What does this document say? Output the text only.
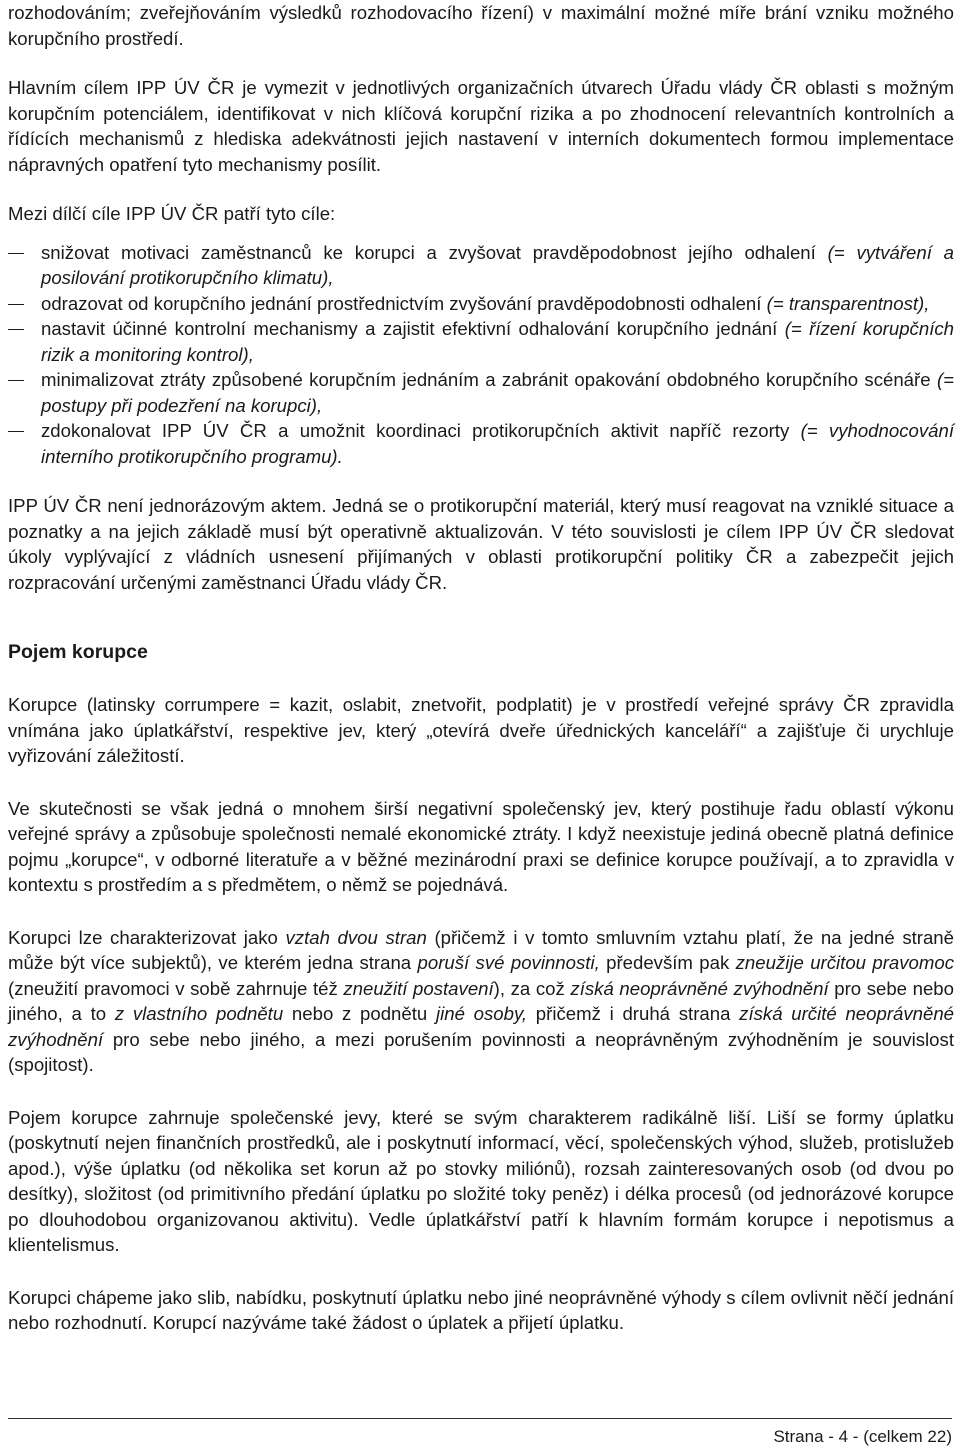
rozhodováním; zveřejňováním výsledků rozhodovacího řízení) v maximální možné míře brání vzniku možného korupčního prostředí.

Hlavním cílem IPP ÚV ČR je vymezit v jednotlivých organizačních útvarech Úřadu vlády ČR oblasti s možným korupčním potenciálem, identifikovat v nich klíčová korupční rizika a po zhodnocení relevantních kontrolních a řídících mechanismů z hlediska adekvátnosti jejich nastavení v interních dokumentech formou implementace nápravných opatření tyto mechanismy posílit.

Mezi dílčí cíle IPP ÚV ČR patří tyto cíle:

snižovat motivaci zaměstnanců ke korupci a zvyšovat pravděpodobnost jejího odhalení (= vytváření a posilování protikorupčního klimatu),

odrazovat od korupčního jednání prostřednictvím zvyšování pravděpodobnosti odhalení (= transparentnost),

nastavit účinné kontrolní mechanismy a zajistit efektivní odhalování korupčního jednání (= řízení korupčních rizik a monitoring kontrol),

minimalizovat ztráty způsobené korupčním jednáním a zabránit opakování obdobného korupčního scénáře (= postupy při podezření na korupci),

zdokonalovat IPP ÚV ČR a umožnit koordinaci protikorupčních aktivit napříč rezorty (= vyhodnocování interního protikorupčního programu).

IPP ÚV ČR není jednorázovým aktem. Jedná se o protikorupční materiál, který musí reagovat na vzniklé situace a poznatky a na jejich základě musí být operativně aktualizován. V této souvislosti je cílem IPP ÚV ČR sledovat úkoly vyplývající z vládních usnesení přijímaných v oblasti protikorupční politiky ČR a zabezpečit jejich rozpracování určenými zaměstnanci Úřadu vlády ČR.

Pojem korupce

Korupce (latinsky corrumpere = kazit, oslabit, znetvořit, podplatit) je v prostředí veřejné správy ČR zpravidla vnímána jako úplatkářství, respektive jev, který „otevírá dveře úřednických kanceláří“ a zajišťuje či urychluje vyřizování záležitostí.

Ve skutečnosti se však jedná o mnohem širší negativní společenský jev, který postihuje řadu oblastí výkonu veřejné správy a způsobuje společnosti nemalé ekonomické ztráty. I když neexistuje jediná obecně platná definice pojmu „korupce“, v odborné literatuře a v běžné mezinárodní praxi se definice korupce používají, a to zpravidla v kontextu s prostředím a s předmětem, o němž se pojednává.

Korupci lze charakterizovat jako vztah dvou stran (přičemž i v tomto smluvním vztahu platí, že na jedné straně může být více subjektů), ve kterém jedna strana poruší své povinnosti, především pak zneužije určitou pravomoc (zneužití pravomoci v sobě zahrnuje též zneužití postavení), za což získá neoprávněné zvýhodnění pro sebe nebo jiného, a to z vlastního podnětu nebo z podnětu jiné osoby, přičemž i druhá strana získá určité neoprávněné zvýhodnění pro sebe nebo jiného, a mezi porušením povinnosti a neoprávněným zvýhodněním je souvislost (spojitost).

Pojem korupce zahrnuje společenské jevy, které se svým charakterem radikálně liší. Liší se formy úplatku (poskytnutí nejen finančních prostředků, ale i poskytnutí informací, věcí, společenských výhod, služeb, protislužeb apod.), výše úplatku (od několika set korun až po stovky miliónů), rozsah zainteresovaných osob (od dvou po desítky), složitost (od primitivního předání úplatku po složité toky peněz) i délka procesů (od jednorázové korupce po dlouhodobou organizovanou aktivitu). Vedle úplatkářství patří k hlavním formám korupce i nepotismus a klientelismus.

Korupci chápeme jako slib, nabídku, poskytnutí úplatku nebo jiné neoprávněné výhody s cílem ovlivnit něčí jednání nebo rozhodnutí. Korupcí nazýváme také žádost o úplatek a přijetí úplatku.

Strana - 4 - (celkem 22)
